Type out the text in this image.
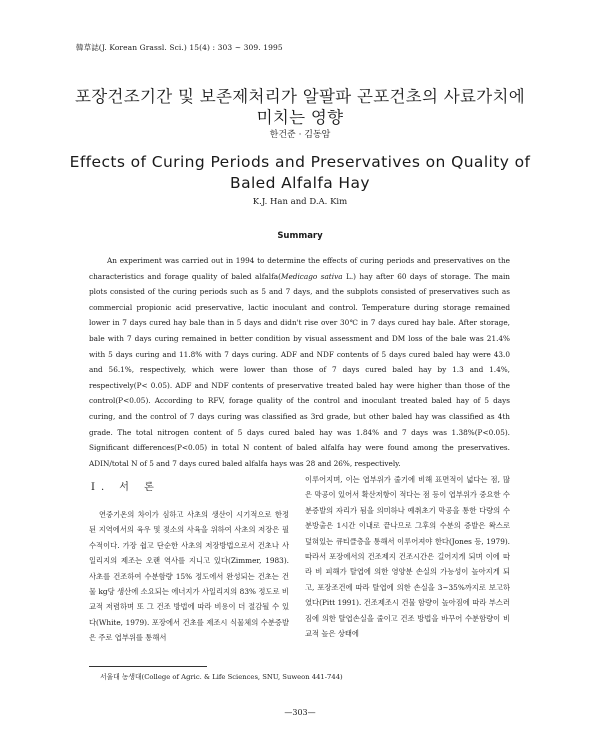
韓草誌(J. Korean Grassl. Sci.) 15(4) : 303 ~ 309. 1995
포장건조기간 및 보존제처리가 알팔파 곤포건초의 사료가치에
미치는 영향
한건준 · 김동암
Effects of Curing Periods and Preservatives on Quality of
Baled Alfalfa Hay
K.J. Han and D.A. Kim
Summary

An experiment was carried out in 1994 to determine the effects of curing periods and preservatives on the characteristics and forage quality of baled alfalfa(Medicago sativa L.) hay after 60 days of storage. The main plots consisted of the curing periods such as 5 and 7 days, and the subplots consisted of preservatives such as commercial propionic acid preservative, lactic inoculant and control. Temperature during storage remained lower in 7 days cured hay bale than in 5 days and didn't rise over 30℃ in 7 days cured hay bale. After storage, bale with 7 days curing remained in better condition by visual assessment and DM loss of the bale was 21.4% with 5 days curing and 11.8% with 7 days curing. ADF and NDF contents of 5 days cured baled hay were 43.0 and 56.1%, respectively, which were lower than those of 7 days cured baled hay by 1.3 and 1.4%, respectively(P< 0.05). ADF and NDF contents of preservative treated baled hay were higher than those of the control(P<0.05). According to RFV, forage quality of the control and inoculant treated baled hay of 5 days curing, and the control of 7 days curing was classified as 3rd grade, but other baled hay was classified as 4th grade. The total nitrogen content of 5 days cured baled hay was 1.84% and 7 days was 1.38%(P<0.05). Significant differences(P<0.05) in total N content of baled alfalfa hay were found among the preservatives. ADIN/total N of 5 and 7 days cured baled alfalfa hays was 28 and 26%, respectively.

Ⅰ. 서 론

연중기온의 차이가 심하고 사초의 생산이 시기적으로 한정된 지역에서의 육우 및 젖소의 사육을 위하여 사초의 저장은 필수적이다. 가장 쉽고 단순한 사초의 저장방법으로서 건초나 사일리지의 제조는 오랜 역사를 지니고 있다(Zimmer, 1983). 사초를 건조하여 수분함량 15% 정도에서 완성되는 건초는 건물 kg당 생산에 소요되는 에너지가 사일리지의 83% 정도로 비교적 저렴하며 또 그 건조 방법에 따라 비용이 더 절감될 수 있다(White, 1979). 포장에서 건초를 제조시 식물체의 수분증발은 주로 엽부위를 통해서

이루어지며, 이는 엽부위가 줄기에 비해 표면적이 넓다는 점, 많은 막공이 있어서 확산저항이 적다는 점 등이 엽부위가 중요한 수분증발의 자리가 됨을 의미하나 예취초기 막공을 통한 다량의 수분방출은 1시간 이내로 끝나므로 그후의 수분의 증발은 왁스로 덮혀있는 큐티클층을 통해서 이루어져야 한다(Jones 등, 1979). 따라서 포장에서의 건조제지 건조시간은 길어지게 되며 이에 따라 비 피해가 탈엽에 의한 영양분 손실의 가능성이 높아지게 되고, 포장조건에 따라 탈엽에 의한 손실을 3~35%까지로 보고하였다(Pitt 1991). 건조제조시 건물 함량이 높아짐에 따라 부스러짐에 의한 탈엽손실을 줄이고 건조 방법을 바꾸어 수분함량이 비교적 높은 상태에

서울대 농생대(College of Agric. & Life Sciences, SNU, Suweon 441-744)
—303—
